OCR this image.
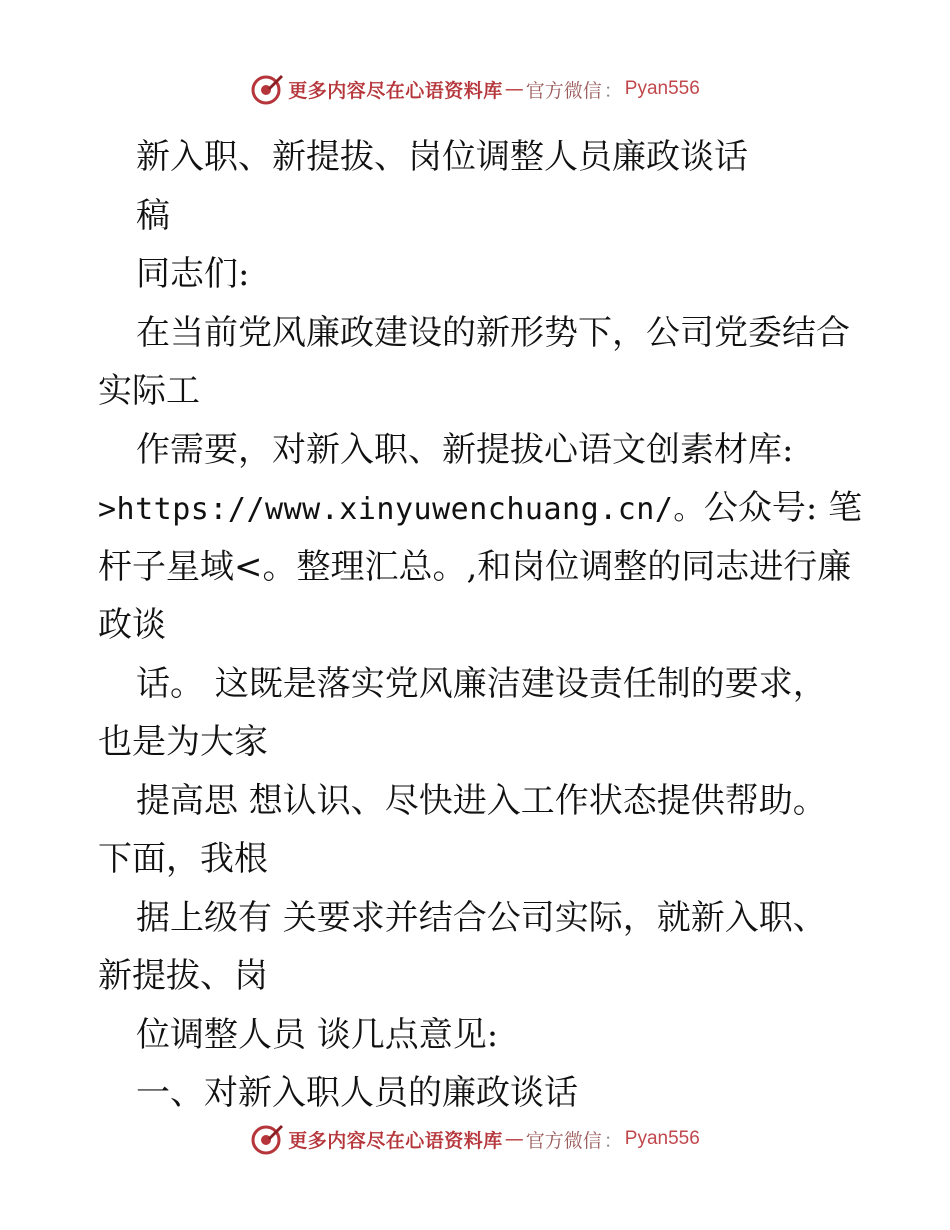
更多内容尽在心语资料库 — 官方微信 ： Pyan556
新入职、新提拔、岗位调整人员廉政谈话
稿
同志们:
在当前党风廉政建设的新形势下，公司党委结合
实际工
作需要，对新入职、新提拔心语文创素材库:
>https://www.xinyuwenchuang.cn/。公众号: 笔
杆子星域<。整理汇总。,和岗位调整的同志进行廉
政谈
话。 这既是落实党风廉洁建设责任制的要求，
也是为大家
提高思 想认识、尽快进入工作状态提供帮助。
下面，我根
据上级有 关要求并结合公司实际，就新入职、
新提拔、岗
位调整人员 谈几点意见:
一、对新入职人员的廉政谈话
更多内容尽在心语资料库 — 官方微信 ： Pyan556
